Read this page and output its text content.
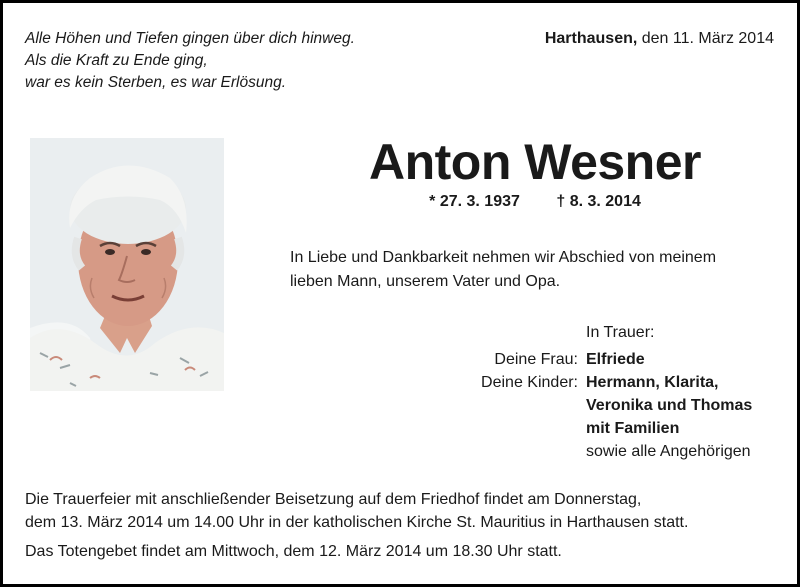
Alle Höhen und Tiefen gingen über dich hinweg.
Als die Kraft zu Ende ging,
war es kein Sterben, es war Erlösung.
Harthausen, den 11. März 2014
Anton Wesner
* 27. 3. 1937 † 8. 3. 2014
In Liebe und Dankbarkeit nehmen wir Abschied von meinem
lieben Mann, unserem Vater und Opa.
In Trauer:
Deine Frau: Elfriede
Deine Kinder: Hermann, Klarita,
Veronika und Thomas
mit Familien
sowie alle Angehörigen
Die Trauerfeier mit anschließender Beisetzung auf dem Friedhof findet am Donnerstag,
dem 13. März 2014 um 14.00 Uhr in der katholischen Kirche St. Mauritius in Harthausen statt.
Das Totengebet findet am Mittwoch, dem 12. März 2014 um 18.30 Uhr statt.
